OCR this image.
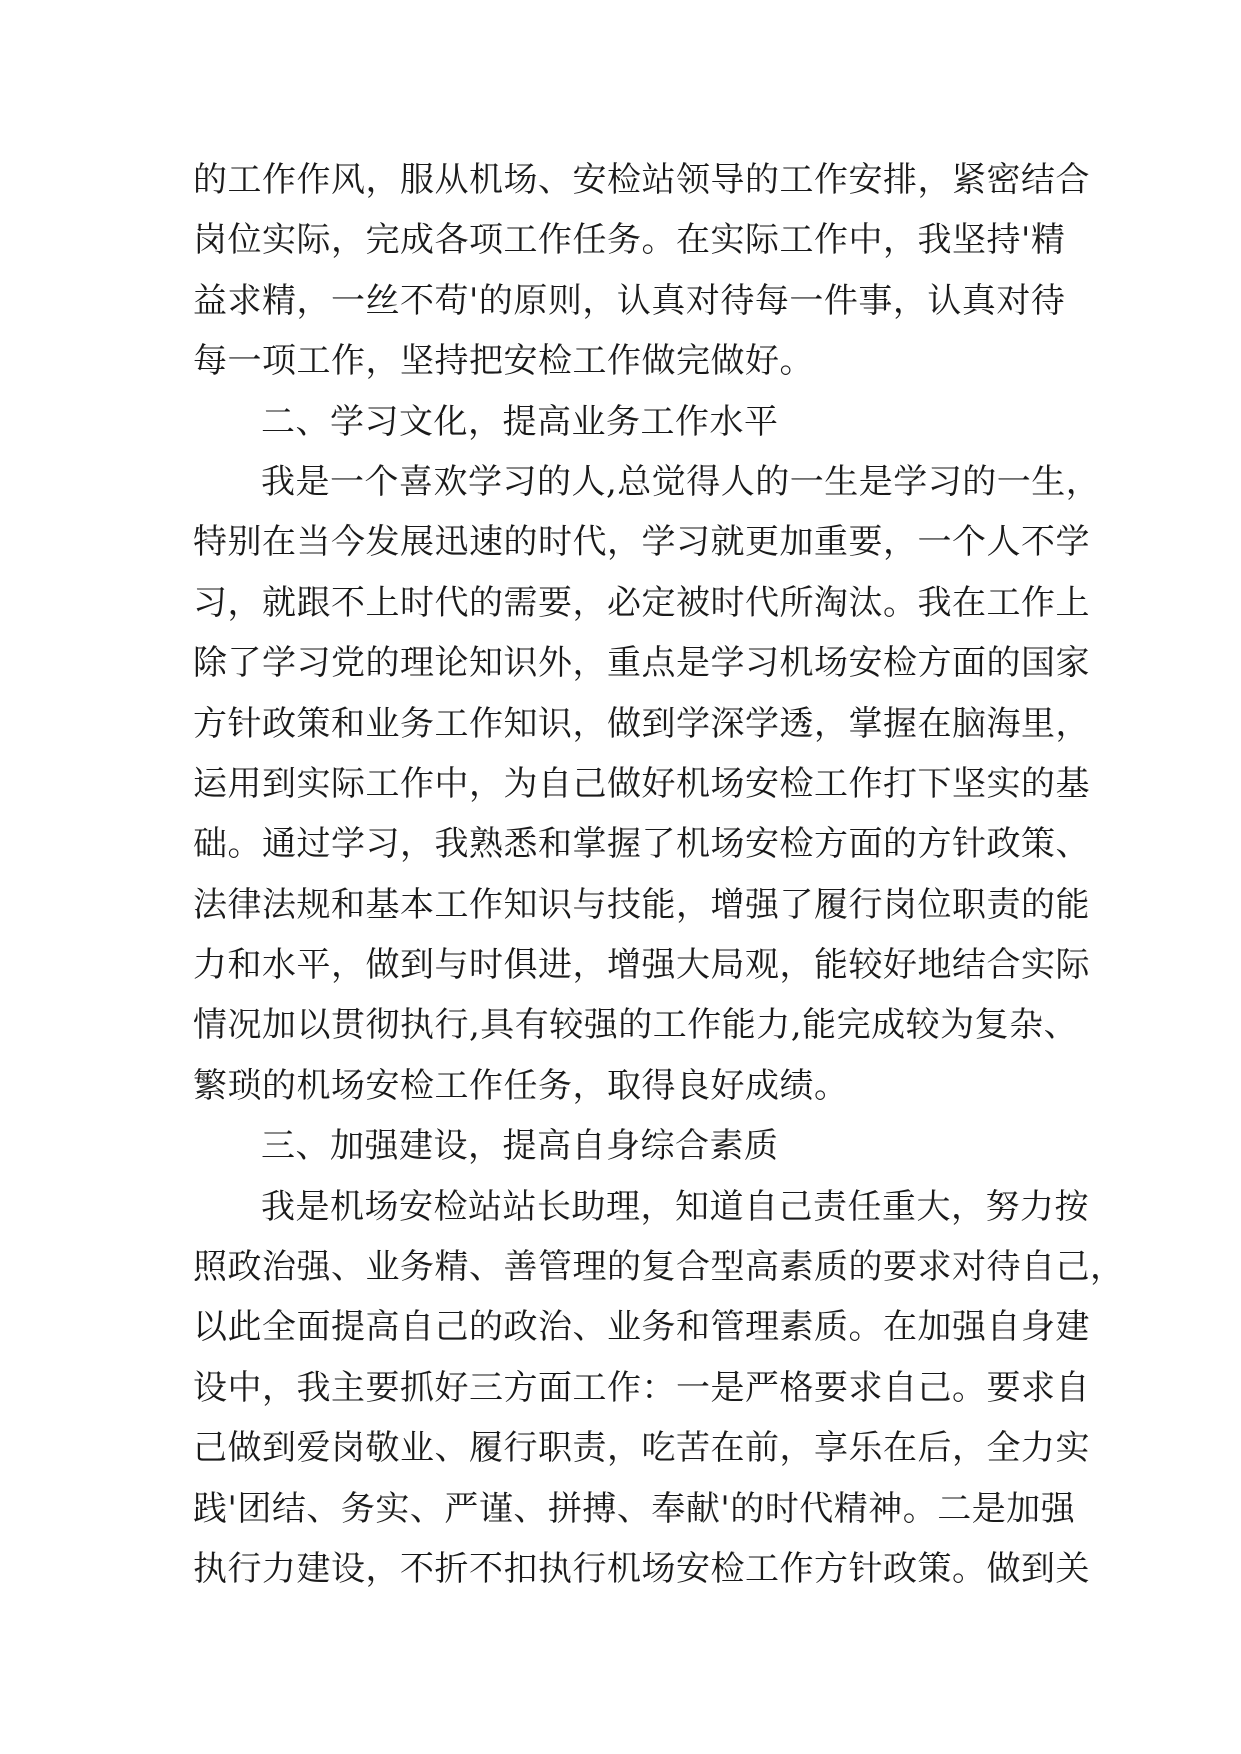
的工作作风，服从机场、安检站领导的工作安排，紧密结合
岗位实际，完成各项工作任务。在实际工作中，我坚持'精
益求精，一丝不苟'的原则，认真对待每一件事，认真对待
每一项工作，坚持把安检工作做完做好。
二、学习文化，提高业务工作水平
我是一个喜欢学习的人,总觉得人的一生是学习的一生，
特别在当今发展迅速的时代，学习就更加重要，一个人不学
习，就跟不上时代的需要，必定被时代所淘汰。我在工作上
除了学习党的理论知识外，重点是学习机场安检方面的国家
方针政策和业务工作知识，做到学深学透，掌握在脑海里，
运用到实际工作中，为自己做好机场安检工作打下坚实的基
础。通过学习，我熟悉和掌握了机场安检方面的方针政策、
法律法规和基本工作知识与技能，增强了履行岗位职责的能
力和水平，做到与时俱进，增强大局观，能较好地结合实际
情况加以贯彻执行,具有较强的工作能力,能完成较为复杂、
繁琐的机场安检工作任务，取得良好成绩。
三、加强建设，提高自身综合素质
我是机场安检站站长助理，知道自己责任重大，努力按
照政治强、业务精、善管理的复合型高素质的要求对待自己，
以此全面提高自己的政治、业务和管理素质。在加强自身建
设中，我主要抓好三方面工作：一是严格要求自己。要求自
己做到爱岗敬业、履行职责，吃苦在前，享乐在后，全力实
践'团结、务实、严谨、拼搏、奉献'的时代精神。二是加强
执行力建设，不折不扣执行机场安检工作方针政策。做到关
